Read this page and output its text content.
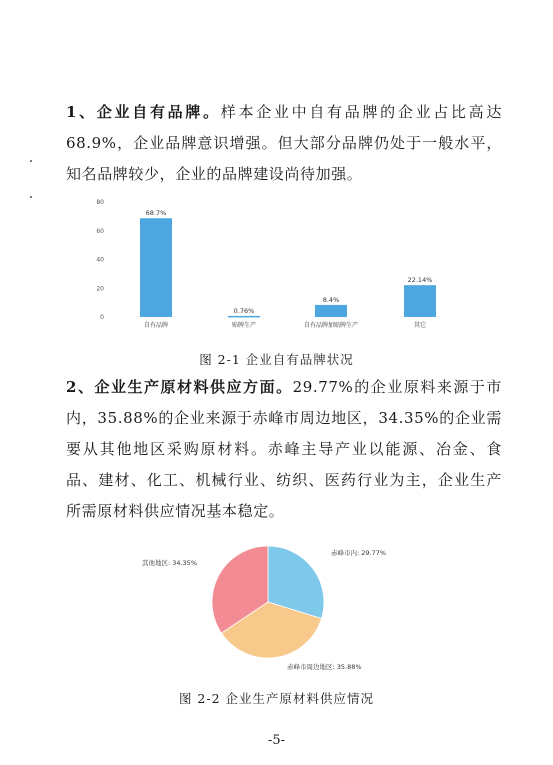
1、企业自有品牌。样本企业中自有品牌的企业占比高达68.9%，企业品牌意识增强。但大部分品牌仍处于一般水平，知名品牌较少，企业的品牌建设尚待加强。

0
20
40
60
80
68.7%
自有品牌
0.76%
贴牌生产
8.4%
自有品牌加贴牌生产
22.14%
其它
图 2-1 企业自有品牌状况

2、企业生产原材料供应方面。29.77%的企业原料来源于市内，35.88%的企业来源于赤峰市周边地区，34.35%的企业需要从其他地区采购原材料。赤峰主导产业以能源、冶金、食品、建材、化工、机械行业、纺织、医药行业为主，企业生产所需原材料供应情况基本稳定。

赤峰市内: 29.77%
赤峰市周边地区: 35.88%
其他地区: 34.35%
图 2-2 企业生产原材料供应情况
-5-
